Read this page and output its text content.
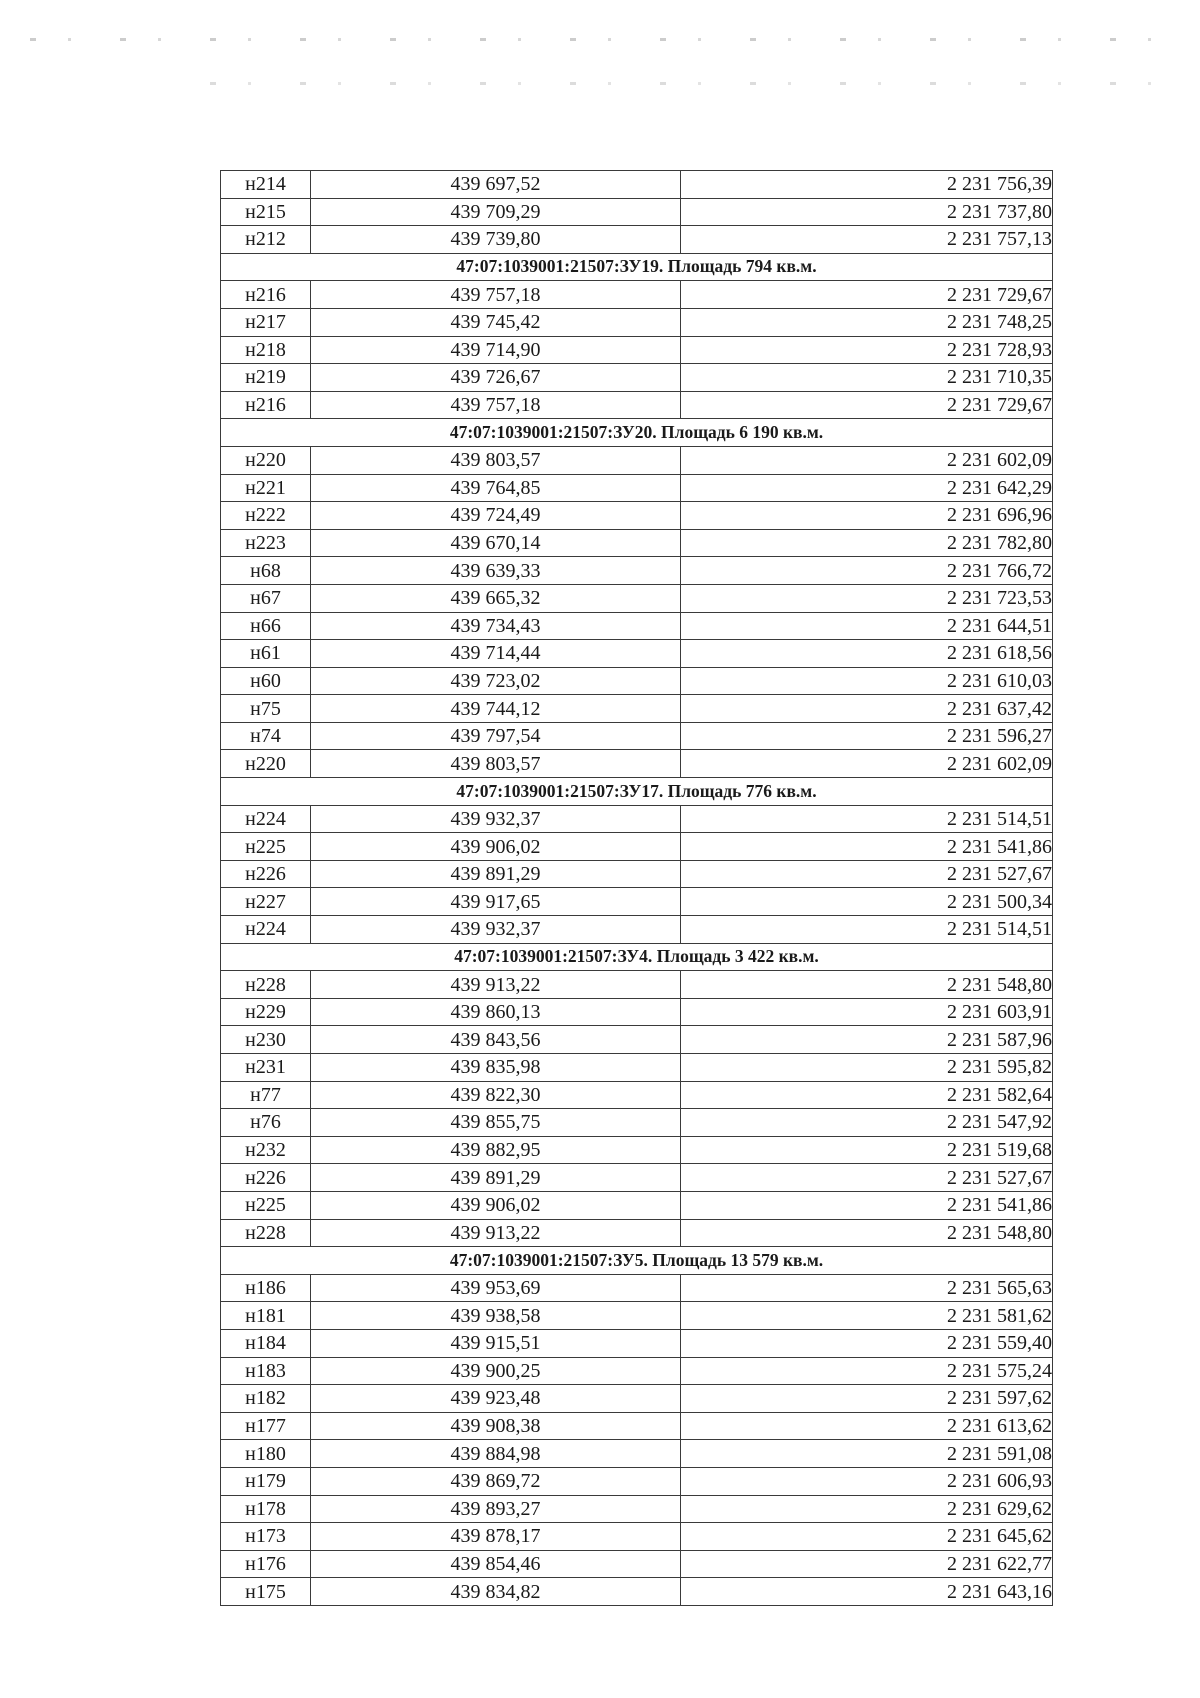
н214	439 697,52	2 231 756,39
н215	439 709,29	2 231 737,80
н212	439 739,80	2 231 757,13
47:07:1039001:21507:ЗУ19. Площадь 794 кв.м.		
н216	439 757,18	2 231 729,67
н217	439 745,42	2 231 748,25
н218	439 714,90	2 231 728,93
н219	439 726,67	2 231 710,35
н216	439 757,18	2 231 729,67
47:07:1039001:21507:ЗУ20. Площадь 6 190 кв.м.		
н220	439 803,57	2 231 602,09
н221	439 764,85	2 231 642,29
н222	439 724,49	2 231 696,96
н223	439 670,14	2 231 782,80
н68	439 639,33	2 231 766,72
н67	439 665,32	2 231 723,53
н66	439 734,43	2 231 644,51
н61	439 714,44	2 231 618,56
н60	439 723,02	2 231 610,03
н75	439 744,12	2 231 637,42
н74	439 797,54	2 231 596,27
н220	439 803,57	2 231 602,09
47:07:1039001:21507:ЗУ17. Площадь 776 кв.м.		
н224	439 932,37	2 231 514,51
н225	439 906,02	2 231 541,86
н226	439 891,29	2 231 527,67
н227	439 917,65	2 231 500,34
н224	439 932,37	2 231 514,51
47:07:1039001:21507:ЗУ4. Площадь 3 422 кв.м.		
н228	439 913,22	2 231 548,80
н229	439 860,13	2 231 603,91
н230	439 843,56	2 231 587,96
н231	439 835,98	2 231 595,82
н77	439 822,30	2 231 582,64
н76	439 855,75	2 231 547,92
н232	439 882,95	2 231 519,68
н226	439 891,29	2 231 527,67
н225	439 906,02	2 231 541,86
н228	439 913,22	2 231 548,80
47:07:1039001:21507:ЗУ5. Площадь 13 579 кв.м.		
н186	439 953,69	2 231 565,63
н181	439 938,58	2 231 581,62
н184	439 915,51	2 231 559,40
н183	439 900,25	2 231 575,24
н182	439 923,48	2 231 597,62
н177	439 908,38	2 231 613,62
н180	439 884,98	2 231 591,08
н179	439 869,72	2 231 606,93
н178	439 893,27	2 231 629,62
н173	439 878,17	2 231 645,62
н176	439 854,46	2 231 622,77
н175	439 834,82	2 231 643,16
